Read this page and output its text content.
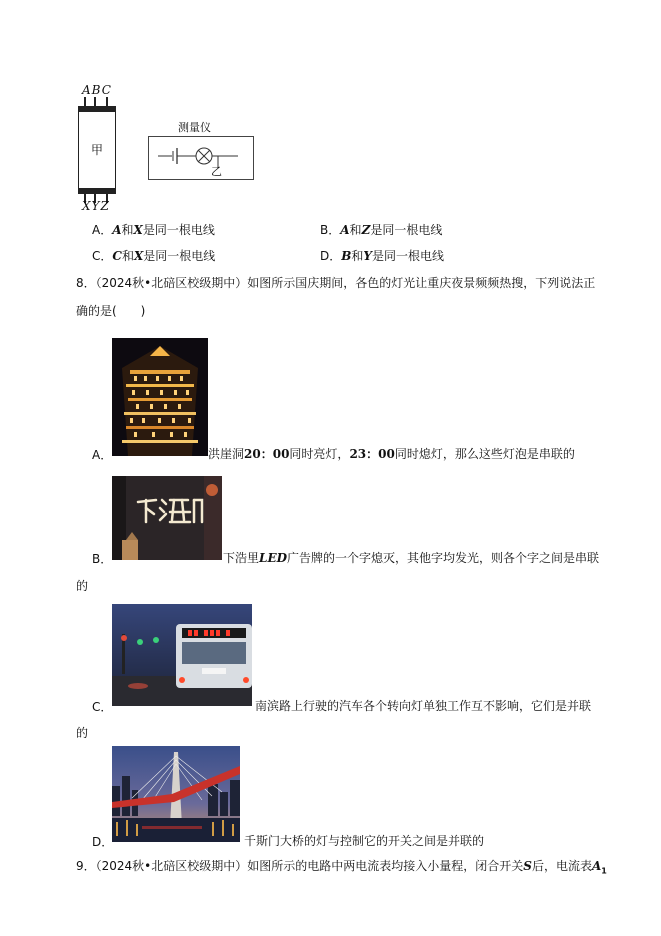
ABC
甲
XYZ
测量仪
乙
A．A和X是同一根电线	B．A和Z是同一根电线
C．C和X是同一根电线	D．B和Y是同一根电线
8．（2024秋•北碚区校级期中）如图所示国庆期间，各色的灯光让重庆夜景频频热搜，下列说法正
确的是(　　)
A．	洪崖洞20：00同时亮灯，23：00同时熄灯，那么这些灯泡是串联的
B．	下浩里LED广告牌的一个字熄灭，其他字均发光，则各个字之间是串联
的
C．	南滨路上行驶的汽车各个转向灯单独工作互不影响，它们是并联
的
D．	千斯门大桥的灯与控制它的开关之间是并联的
9．（2024秋•北碚区校级期中）如图所示的电路中两电流表均接入小量程，闭合开关S后，电流表$A_1$
